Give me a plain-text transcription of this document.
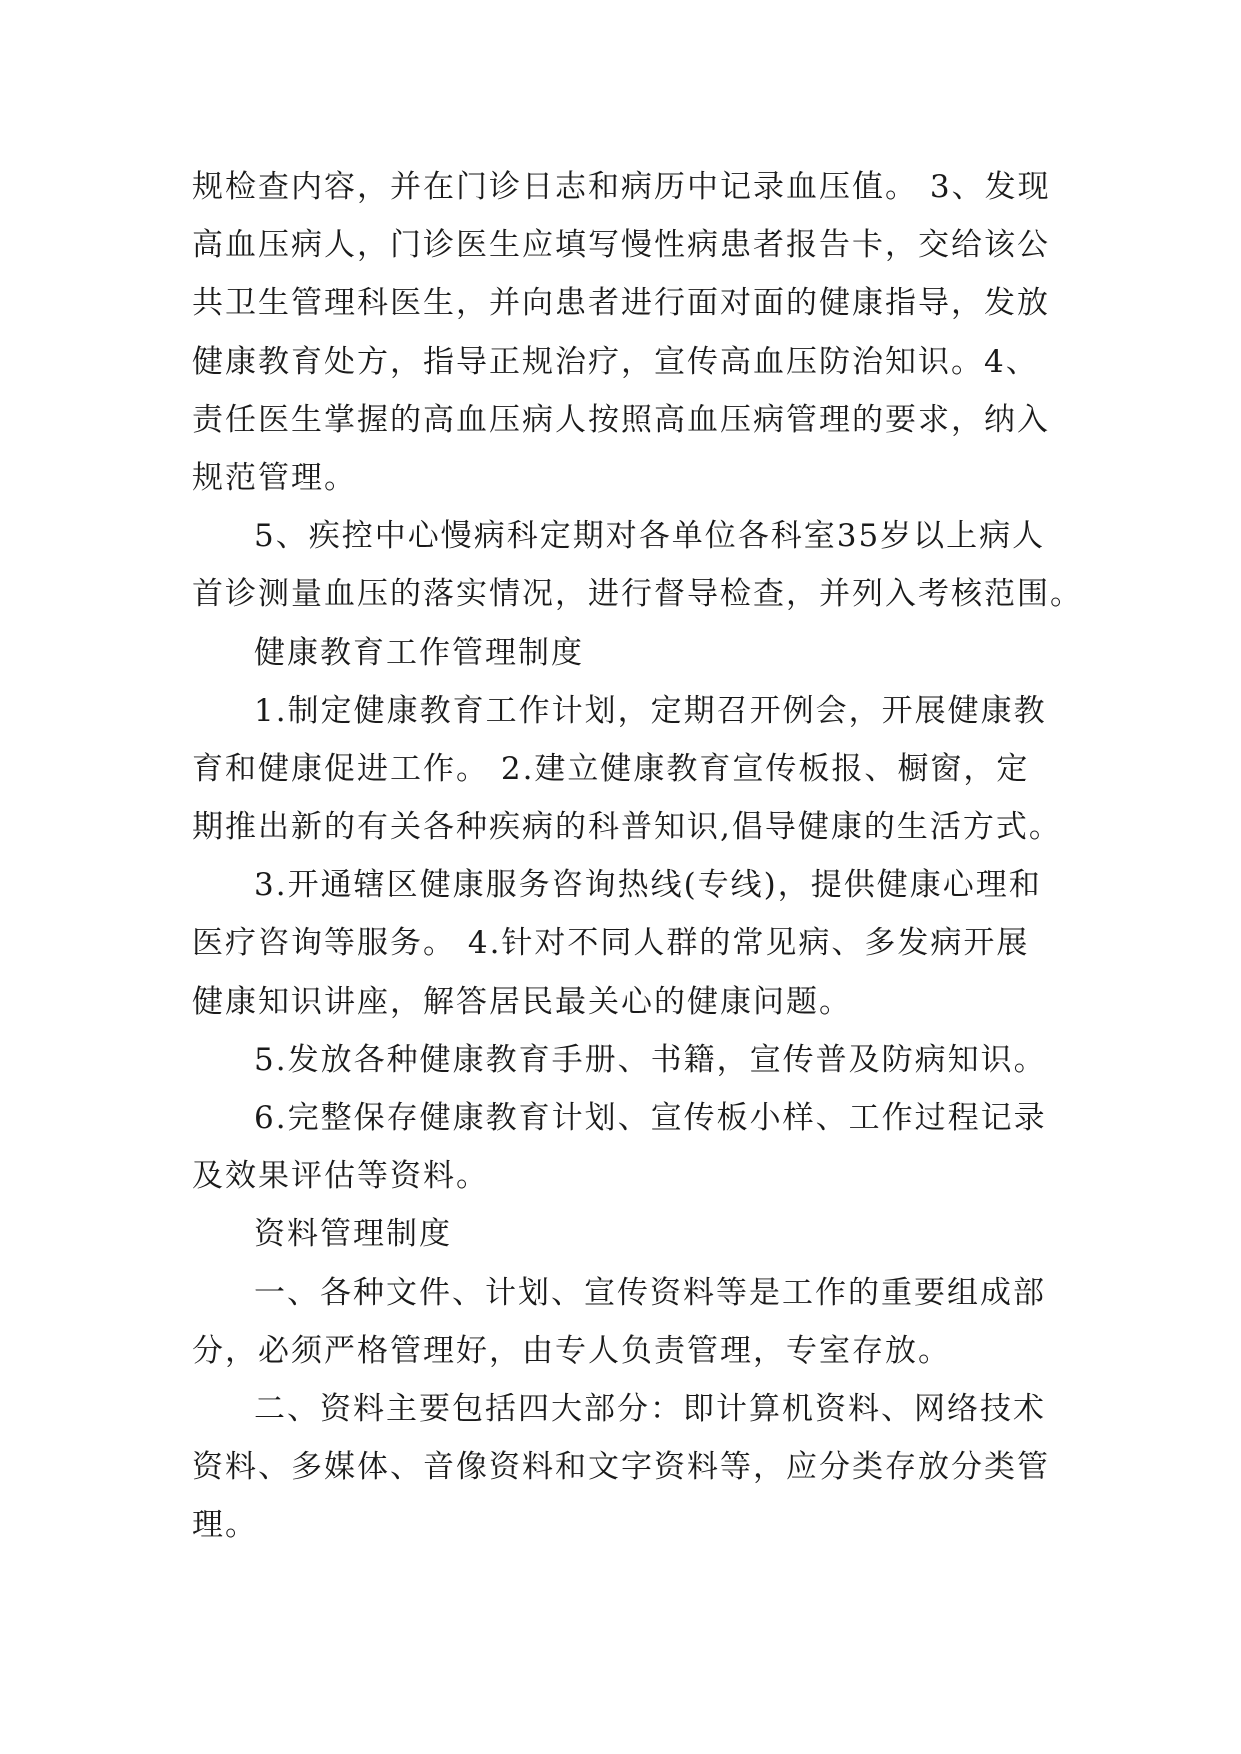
规检查内容，并在门诊日志和病历中记录血压值。 3、发现
高血压病人，门诊医生应填写慢性病患者报告卡，交给该公
共卫生管理科医生，并向患者进行面对面的健康指导，发放
健康教育处方，指导正规治疗，宣传高血压防治知识。4、
责任医生掌握的高血压病人按照高血压病管理的要求，纳入
规范管理。
5、疾控中心慢病科定期对各单位各科室35岁以上病人
首诊测量血压的落实情况，进行督导检查，并列入考核范围。
健康教育工作管理制度
1.制定健康教育工作计划，定期召开例会，开展健康教
育和健康促进工作。 2.建立健康教育宣传板报、橱窗，定
期推出新的有关各种疾病的科普知识,倡导健康的生活方式。
3.开通辖区健康服务咨询热线(专线)，提供健康心理和
医疗咨询等服务。 4.针对不同人群的常见病、多发病开展
健康知识讲座，解答居民最关心的健康问题。
5.发放各种健康教育手册、书籍，宣传普及防病知识。
6.完整保存健康教育计划、宣传板小样、工作过程记录
及效果评估等资料。
资料管理制度
一、各种文件、计划、宣传资料等是工作的重要组成部
分，必须严格管理好，由专人负责管理，专室存放。
二、资料主要包括四大部分：即计算机资料、网络技术
资料、多媒体、音像资料和文字资料等，应分类存放分类管
理。
